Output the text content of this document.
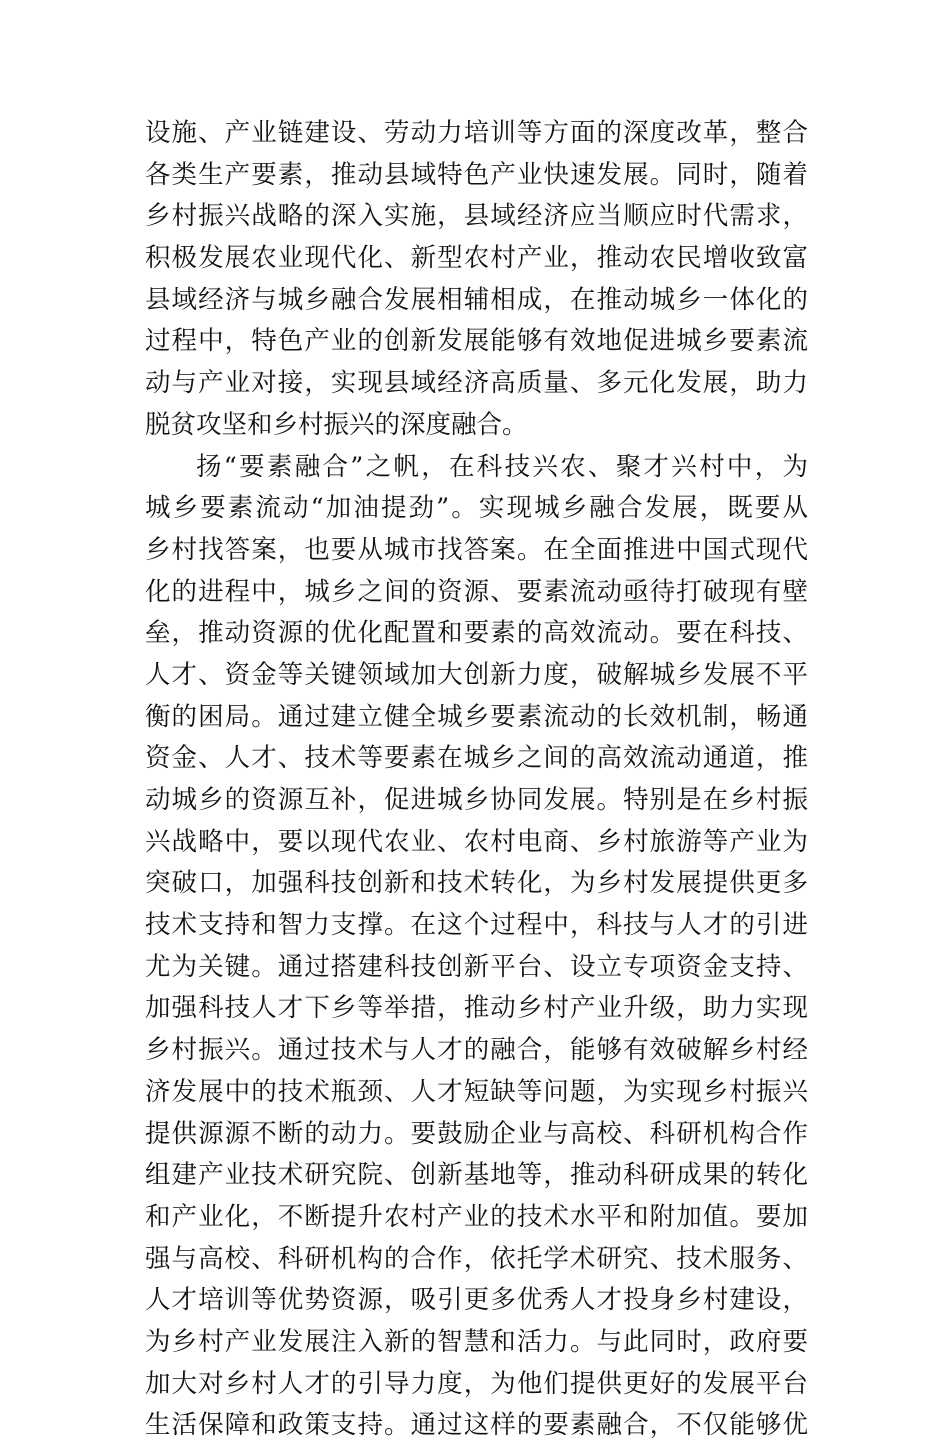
设施、产业链建设、劳动力培训等方面的深度改革，整合
各类生产要素，推动县域特色产业快速发展。同时，随着
乡村振兴战略的深入实施，县域经济应当顺应时代需求，
积极发展农业现代化、新型农村产业，推动农民增收致富
县域经济与城乡融合发展相辅相成，在推动城乡一体化的
过程中，特色产业的创新发展能够有效地促进城乡要素流
动与产业对接，实现县域经济高质量、多元化发展，助力
脱贫攻坚和乡村振兴的深度融合。
扬“要素融合”之帆，在科技兴农、聚才兴村中，为
城乡要素流动“加油提劲”。实现城乡融合发展，既要从
乡村找答案，也要从城市找答案。在全面推进中国式现代
化的进程中，城乡之间的资源、要素流动亟待打破现有壁
垒，推动资源的优化配置和要素的高效流动。要在科技、
人才、资金等关键领域加大创新力度，破解城乡发展不平
衡的困局。通过建立健全城乡要素流动的长效机制，畅通
资金、人才、技术等要素在城乡之间的高效流动通道，推
动城乡的资源互补，促进城乡协同发展。特别是在乡村振
兴战略中，要以现代农业、农村电商、乡村旅游等产业为
突破口，加强科技创新和技术转化，为乡村发展提供更多
技术支持和智力支撑。在这个过程中，科技与人才的引进
尤为关键。通过搭建科技创新平台、设立专项资金支持、
加强科技人才下乡等举措，推动乡村产业升级，助力实现
乡村振兴。通过技术与人才的融合，能够有效破解乡村经
济发展中的技术瓶颈、人才短缺等问题，为实现乡村振兴
提供源源不断的动力。要鼓励企业与高校、科研机构合作
组建产业技术研究院、创新基地等，推动科研成果的转化
和产业化，不断提升农村产业的技术水平和附加值。要加
强与高校、科研机构的合作，依托学术研究、技术服务、
人才培训等优势资源，吸引更多优秀人才投身乡村建设，
为乡村产业发展注入新的智慧和活力。与此同时，政府要
加大对乡村人才的引导力度，为他们提供更好的发展平台
生活保障和政策支持。通过这样的要素融合，不仅能够优
